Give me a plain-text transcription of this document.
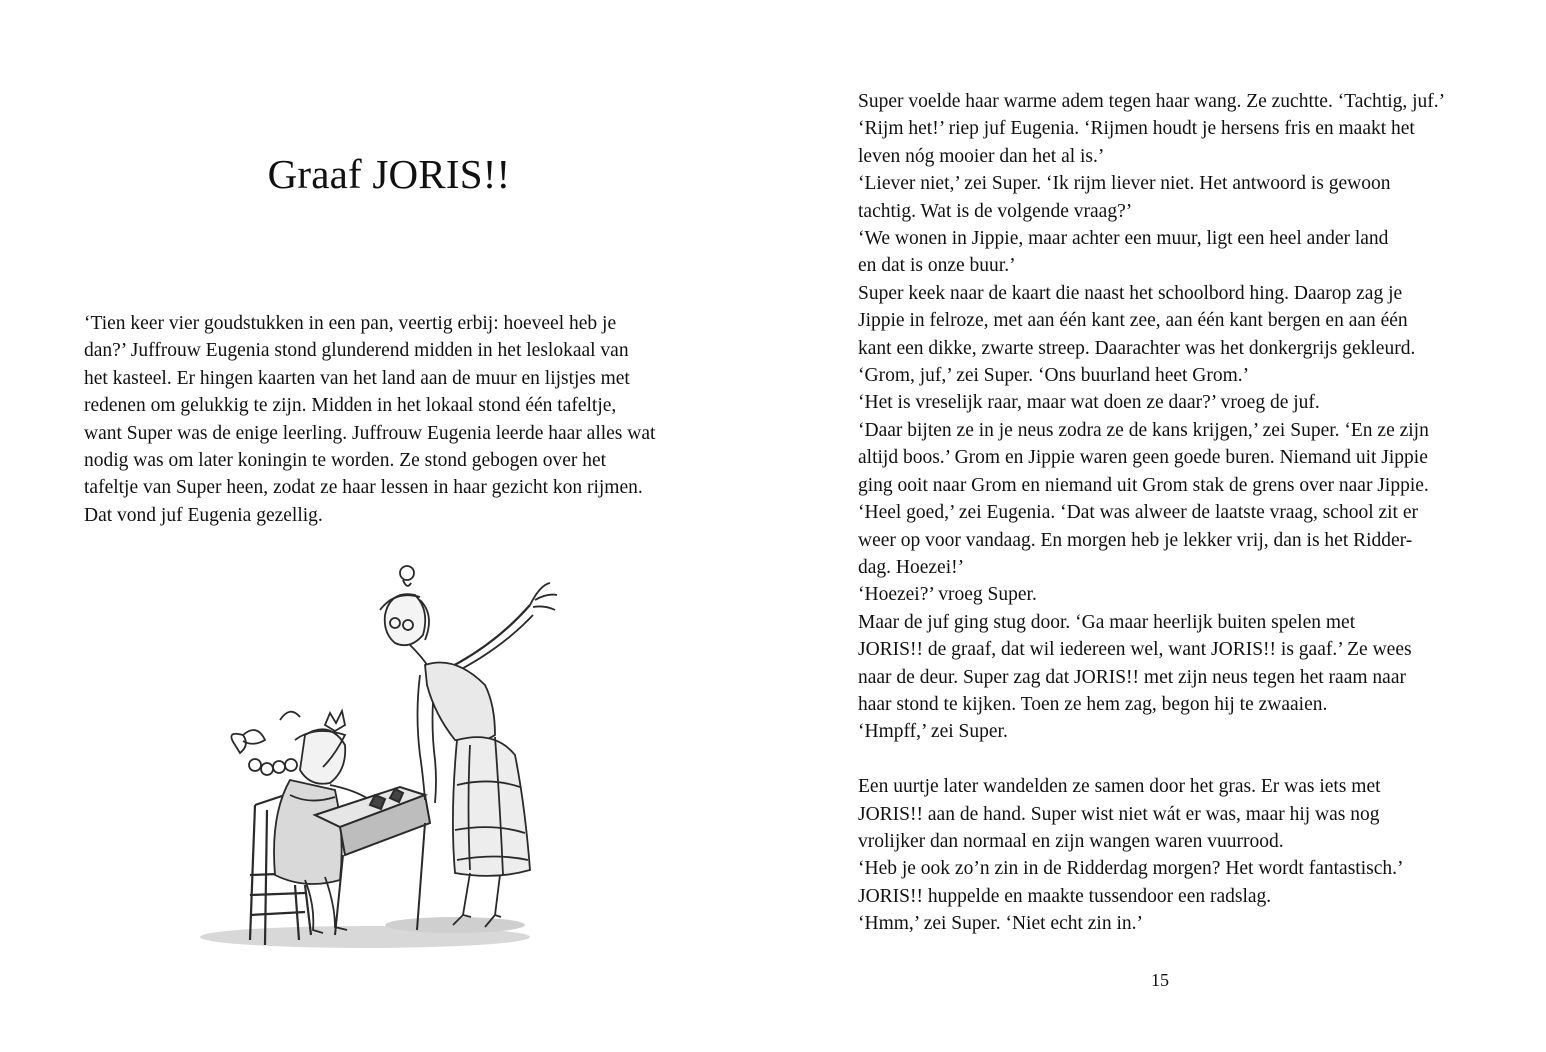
Graaf JORIS!!

‘Tien keer vier goudstukken in een pan, veertig erbij: hoeveel heb je

dan?’ Juffrouw Eugenia stond glunderend midden in het leslokaal van

het kasteel. Er hingen kaarten van het land aan de muur en lijstjes met

redenen om gelukkig te zijn. Midden in het lokaal stond één tafeltje,

want Super was de enige leerling. Juffrouw Eugenia leerde haar alles wat

nodig was om later koningin te worden. Ze stond gebogen over het

tafeltje van Super heen, zodat ze haar lessen in haar gezicht kon rijmen.

Dat vond juf Eugenia gezellig.

Super voelde haar warme adem tegen haar wang. Ze zuchtte. ‘Tachtig, juf.’

‘Rijm het!’ riep juf Eugenia. ‘Rijmen houdt je hersens fris en maakt het

leven nóg mooier dan het al is.’

‘Liever niet,’ zei Super. ‘Ik rijm liever niet. Het antwoord is gewoon

tachtig. Wat is de volgende vraag?’

‘We wonen in Jippie, maar achter een muur, ligt een heel ander land

en dat is onze buur.’

Super keek naar de kaart die naast het schoolbord hing. Daarop zag je

Jippie in felroze, met aan één kant zee, aan één kant bergen en aan één

kant een dikke, zwarte streep. Daarachter was het donkergrijs gekleurd.

‘Grom, juf,’ zei Super. ‘Ons buurland heet Grom.’

‘Het is vreselijk raar, maar wat doen ze daar?’ vroeg de juf.

‘Daar bijten ze in je neus zodra ze de kans krijgen,’ zei Super. ‘En ze zijn

altijd boos.’ Grom en Jippie waren geen goede buren. Niemand uit Jippie

ging ooit naar Grom en niemand uit Grom stak de grens over naar Jippie.

‘Heel goed,’ zei Eugenia. ‘Dat was alweer de laatste vraag, school zit er

weer op voor vandaag. En morgen heb je lekker vrij, dan is het Ridder-

dag. Hoezei!’

‘Hoezei?’ vroeg Super.

Maar de juf ging stug door. ‘Ga maar heerlijk buiten spelen met

JORIS!! de graaf, dat wil iedereen wel, want JORIS!! is gaaf.’ Ze wees

naar de deur. Super zag dat JORIS!! met zijn neus tegen het raam naar

haar stond te kijken. Toen ze hem zag, begon hij te zwaaien.

‘Hmpff,’ zei Super.

Een uurtje later wandelden ze samen door het gras. Er was iets met

JORIS!! aan de hand. Super wist niet wát er was, maar hij was nog

vrolijker dan normaal en zijn wangen waren vuurrood.

‘Heb je ook zo’n zin in de Ridderdag morgen? Het wordt fantastisch.’

JORIS!! huppelde en maakte tussendoor een radslag.

‘Hmm,’ zei Super. ‘Niet echt zin in.’

15
